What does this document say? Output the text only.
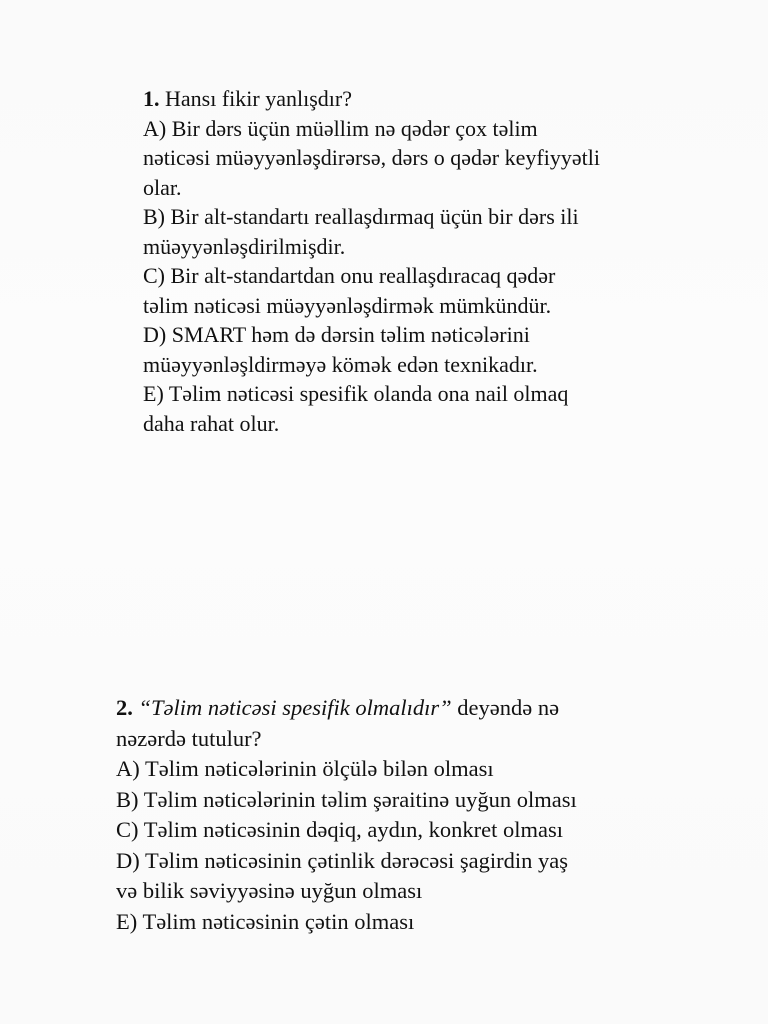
1. Hansı fikir yanlışdır?
A) Bir dərs üçün müəllim nə qədər çox təlim
nəticəsi müəyyənləşdirərsə, dərs o qədər keyfiyyətli
olar.
B) Bir alt-standartı reallaşdırmaq üçün bir dərs ili
müəyyənləşdirilmişdir.
C) Bir alt-standartdan onu reallaşdıracaq qədər
təlim nəticəsi müəyyənləşdirmək mümkündür.
D) SMART həm də dərsin təlim nəticələrini
müəyyənləşldirməyə kömək edən texnikadır.
E) Təlim nəticəsi spesifik olanda ona nail olmaq
daha rahat olur.
2. “Təlim nəticəsi spesifik olmalıdır” deyəndə nə
nəzərdə tutulur?
A) Təlim nəticələrinin ölçülə bilən olması
B) Təlim nəticələrinin təlim şəraitinə uyğun olması
C) Təlim nəticəsinin dəqiq, aydın, konkret olması
D) Təlim nəticəsinin çətinlik dərəcəsi şagirdin yaş
və bilik səviyyəsinə uyğun olması
E) Təlim nəticəsinin çətin olması
